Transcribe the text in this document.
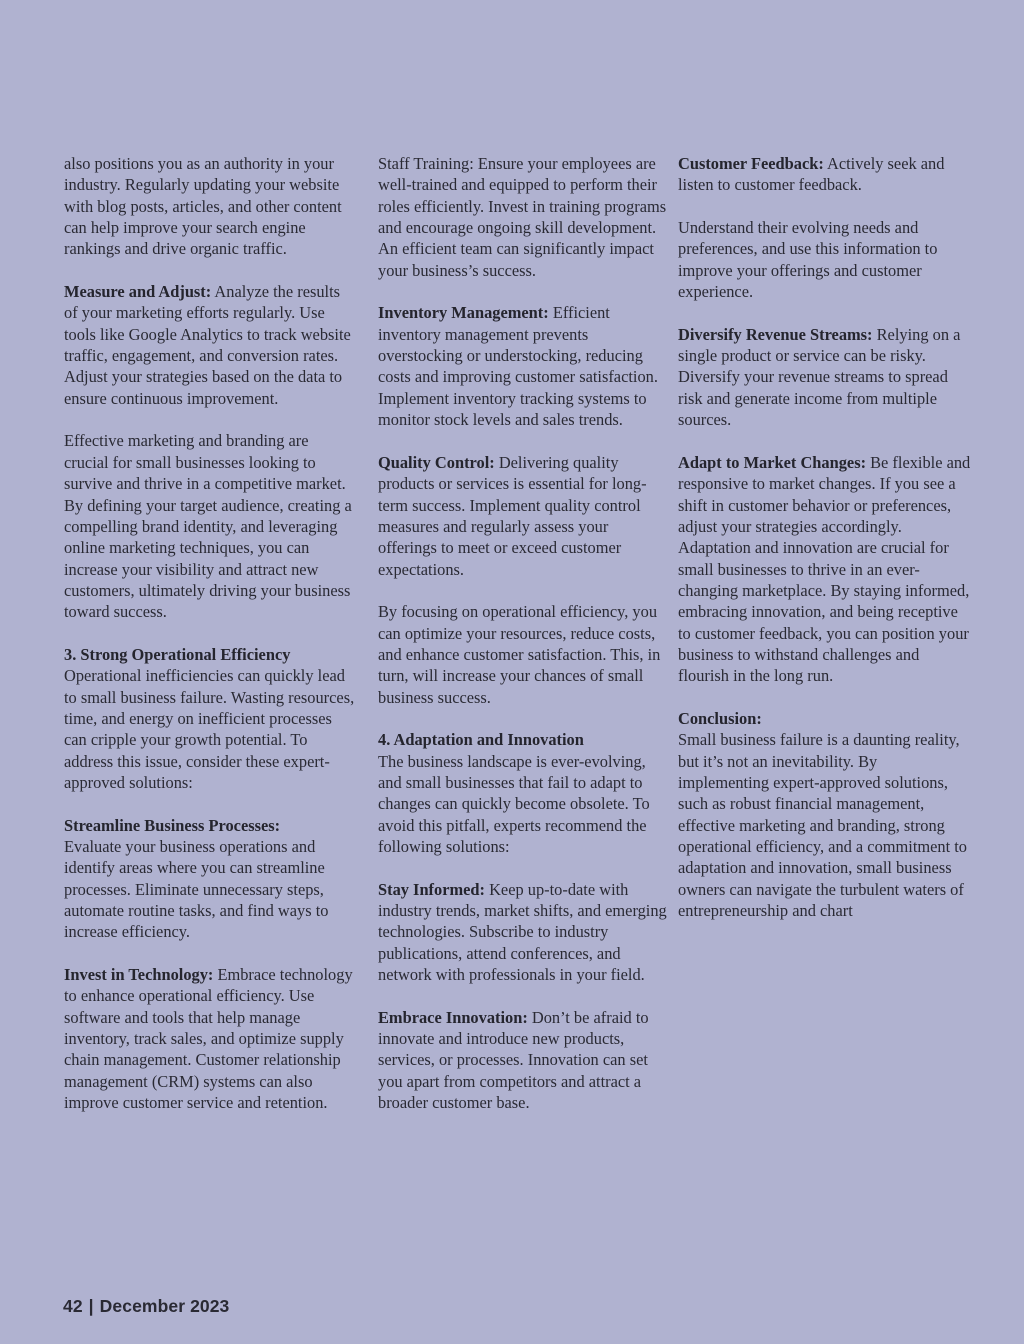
also positions you as an authority in your industry. Regularly updating your website with blog posts, articles, and other content can help improve your search engine rankings and drive organic traffic.

Measure and Adjust: Analyze the results of your marketing efforts regularly. Use tools like Google Analytics to track website traffic, engagement, and conversion rates. Adjust your strategies based on the data to ensure continuous improvement.

Effective marketing and branding are crucial for small businesses looking to survive and thrive in a competitive market. By defining your target audience, creating a compelling brand identity, and leveraging online marketing techniques, you can increase your visibility and attract new customers, ultimately driving your business toward success.

3. Strong Operational Efficiency
Operational inefficiencies can quickly lead to small business failure. Wasting resources, time, and energy on inefficient processes can cripple your growth potential. To address this issue, consider these expert-approved solutions:

Streamline Business Processes:
Evaluate your business operations and identify areas where you can streamline processes. Eliminate unnecessary steps, automate routine tasks, and find ways to increase efficiency.

Invest in Technology: Embrace technology to enhance operational efficiency. Use software and tools that help manage inventory, track sales, and optimize supply chain management. Customer relationship management (CRM) systems can also improve customer service and retention.

Staff Training: Ensure your employees are well-trained and equipped to perform their roles efficiently. Invest in training programs and encourage ongoing skill development. An efficient team can significantly impact your business’s success.

Inventory Management: Efficient inventory management prevents overstocking or understocking, reducing costs and improving customer satisfaction. Implement inventory tracking systems to monitor stock levels and sales trends.

Quality Control: Delivering quality products or services is essential for long-term success. Implement quality control measures and regularly assess your offerings to meet or exceed customer expectations.

By focusing on operational efficiency, you can optimize your resources, reduce costs, and enhance customer satisfaction. This, in turn, will increase your chances of small business success.

4. Adaptation and Innovation
The business landscape is ever-evolving, and small businesses that fail to adapt to changes can quickly become obsolete. To avoid this pitfall, experts recommend the following solutions:

Stay Informed: Keep up-to-date with industry trends, market shifts, and emerging technologies. Subscribe to industry publications, attend conferences, and network with professionals in your field.

Embrace Innovation: Don’t be afraid to innovate and introduce new products, services, or processes. Innovation can set you apart from competitors and attract a broader customer base.

Customer Feedback: Actively seek and listen to customer feedback.

Understand their evolving needs and preferences, and use this information to improve your offerings and customer experience.

Diversify Revenue Streams: Relying on a single product or service can be risky. Diversify your revenue streams to spread risk and generate income from multiple sources.

Adapt to Market Changes: Be flexible and responsive to market changes. If you see a shift in customer behavior or preferences, adjust your strategies accordingly.

Adaptation and innovation are crucial for small businesses to thrive in an ever-changing marketplace. By staying informed, embracing innovation, and being receptive to customer feedback, you can position your business to withstand challenges and flourish in the long run.

Conclusion:
Small business failure is a daunting reality, but it’s not an inevitability. By implementing expert-approved solutions, such as robust financial management, effective marketing and branding, strong operational efficiency, and a commitment to adaptation and innovation, small business owners can navigate the turbulent waters of entrepreneurship and chart

42 | December 2023
